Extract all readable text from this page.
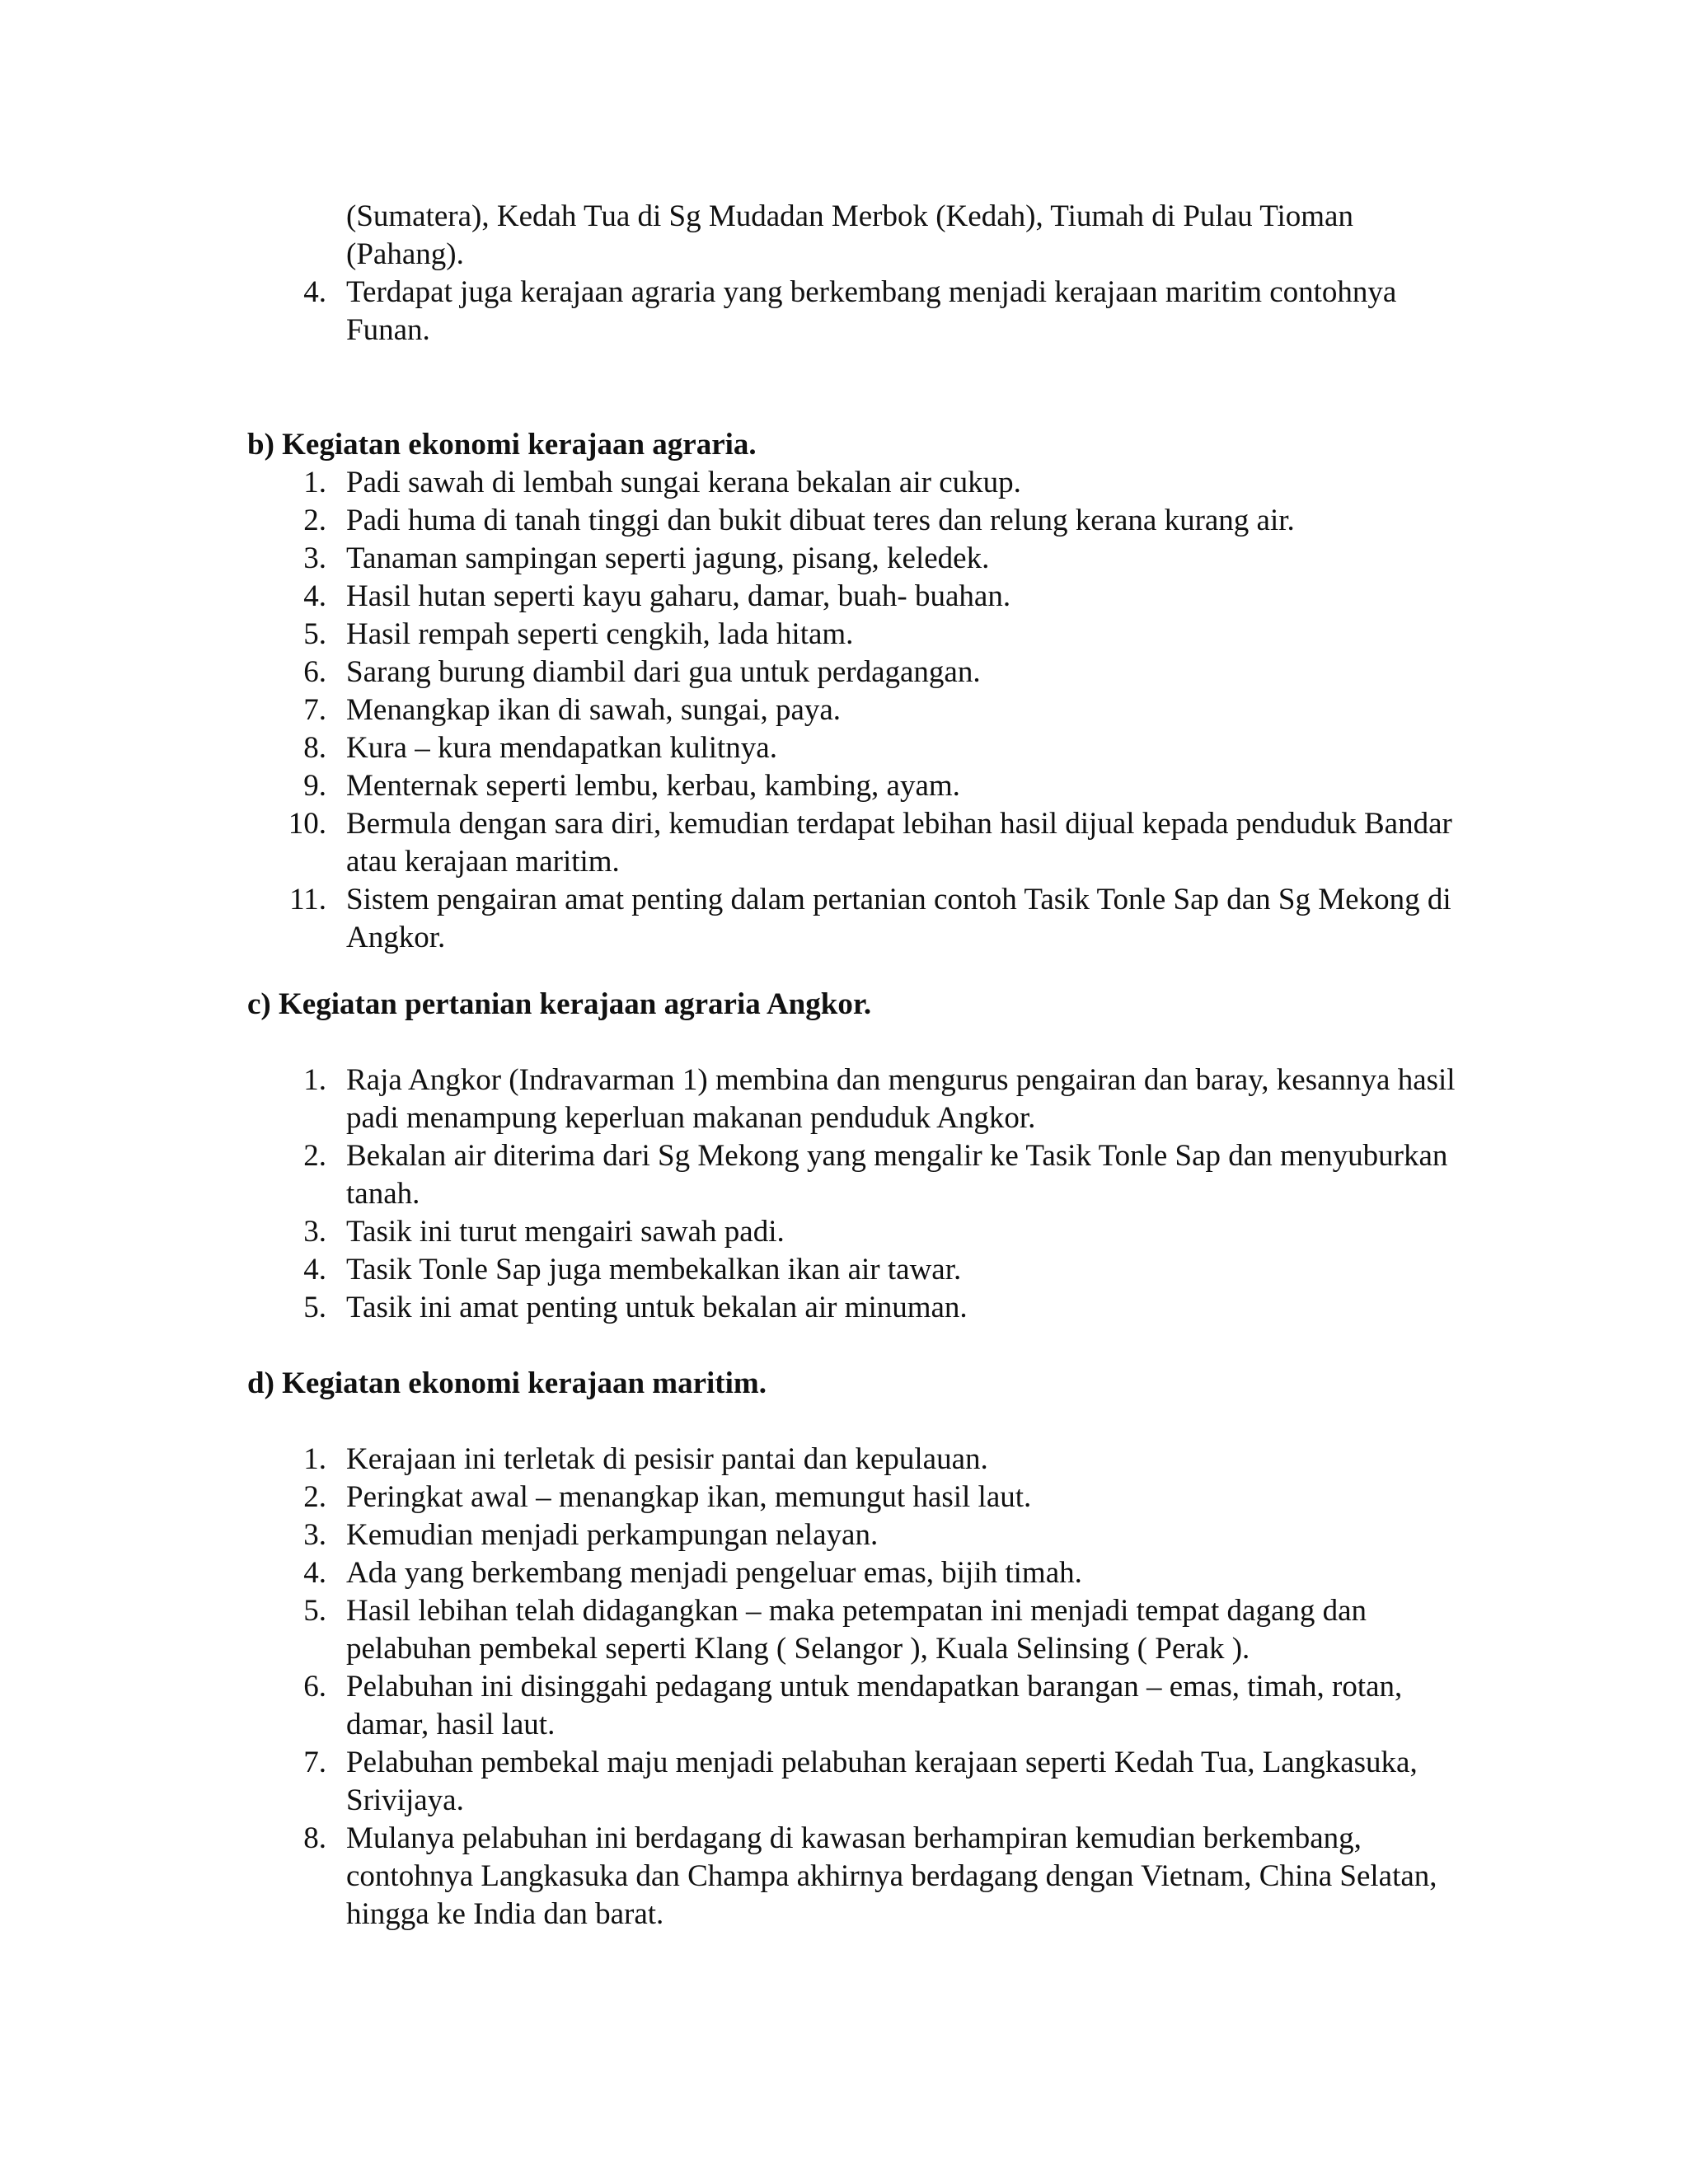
(Sumatera), Kedah Tua di Sg Mudadan Merbok (Kedah), Tiumah di Pulau Tioman (Pahang).
4. Terdapat juga kerajaan agraria yang berkembang menjadi kerajaan maritim contohnya Funan.
b) Kegiatan ekonomi kerajaan agraria.
1. Padi sawah di lembah sungai kerana bekalan air cukup.
2. Padi huma di tanah tinggi dan bukit dibuat teres dan relung kerana kurang air.
3. Tanaman sampingan seperti jagung, pisang, keledek.
4. Hasil hutan seperti kayu gaharu, damar, buah- buahan.
5. Hasil rempah seperti cengkih, lada hitam.
6. Sarang burung diambil dari gua untuk perdagangan.
7. Menangkap ikan di sawah, sungai, paya.
8. Kura – kura mendapatkan kulitnya.
9. Menternak seperti lembu, kerbau, kambing, ayam.
10. Bermula dengan sara diri, kemudian terdapat lebihan hasil dijual kepada penduduk Bandar atau kerajaan maritim.
11. Sistem pengairan amat penting dalam pertanian contoh Tasik Tonle Sap dan Sg Mekong di Angkor.
c) Kegiatan pertanian kerajaan agraria Angkor.
1. Raja Angkor (Indravarman 1) membina dan mengurus pengairan dan baray, kesannya hasil padi menampung keperluan makanan penduduk Angkor.
2. Bekalan air diterima dari Sg Mekong yang mengalir ke Tasik Tonle Sap dan menyuburkan tanah.
3. Tasik ini turut mengairi sawah padi.
4. Tasik Tonle Sap juga membekalkan ikan air tawar.
5. Tasik ini amat penting untuk bekalan air minuman.
d) Kegiatan ekonomi kerajaan maritim.
1. Kerajaan ini terletak di pesisir pantai dan kepulauan.
2. Peringkat awal – menangkap ikan, memungut hasil laut.
3. Kemudian menjadi perkampungan nelayan.
4. Ada yang berkembang menjadi pengeluar emas, bijih timah.
5. Hasil lebihan telah didagangkan – maka petempatan ini menjadi tempat dagang dan pelabuhan pembekal seperti Klang ( Selangor ), Kuala Selinsing ( Perak ).
6. Pelabuhan ini disinggahi pedagang untuk mendapatkan barangan – emas, timah, rotan, damar, hasil laut.
7. Pelabuhan pembekal maju menjadi pelabuhan kerajaan seperti Kedah Tua, Langkasuka, Srivijaya.
8. Mulanya pelabuhan ini berdagang di kawasan berhampiran kemudian berkembang, contohnya Langkasuka dan Champa akhirnya berdagang dengan Vietnam, China Selatan, hingga ke India dan barat.
